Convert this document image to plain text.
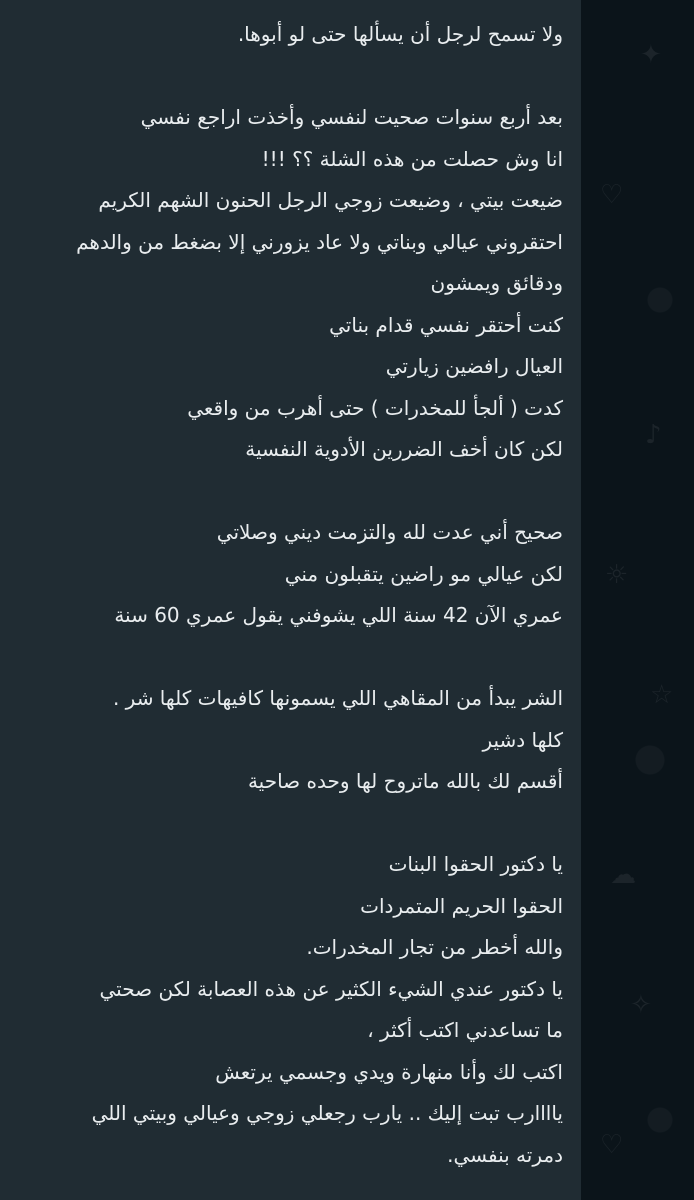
✦
♡
♪
☼
☆
☁
✧
♡
ولا تسمح لرجل أن يسألها حتى لو أبوها.
بعد أربع سنوات صحيت لنفسي وأخذت اراجع نفسي
انا وش حصلت من هذه الشلة ؟؟ !!!
ضيعت بيتي ، وضيعت زوجي الرجل الحنون الشهم الكريم
احتقروني عيالي وبناتي ولا عاد يزورني إلا بضغط من والدهم
ودقائق ويمشون
كنت أحتقر نفسي قدام بناتي
العيال رافضين زيارتي
كدت ( ألجأ للمخدرات ) حتى أهرب من واقعي
لكن كان أخف الضررين الأدوية النفسية
صحيح أني عدت لله والتزمت ديني وصلاتي
لكن عيالي مو راضين يتقبلون مني
عمري الآن 42 سنة اللي يشوفني يقول عمري 60 سنة
الشر يبدأ من المقاهي اللي يسمونها كافيهات كلها شر .
كلها دشير
أقسم لك بالله ماتروح لها وحده صاحية
يا دكتور الحقوا البنات
الحقوا الحريم المتمردات
والله أخطر من تجار المخدرات.
يا دكتور عندي الشيء الكثير عن هذه العصابة لكن صحتي
ما تساعدني اكتب أكثر ،
اكتب لك وأنا منهارة ويدي وجسمي يرتعش
ياااارب تبت إليك .. يارب رجعلي زوجي وعيالي وبيتي اللي
دمرته بنفسي.
